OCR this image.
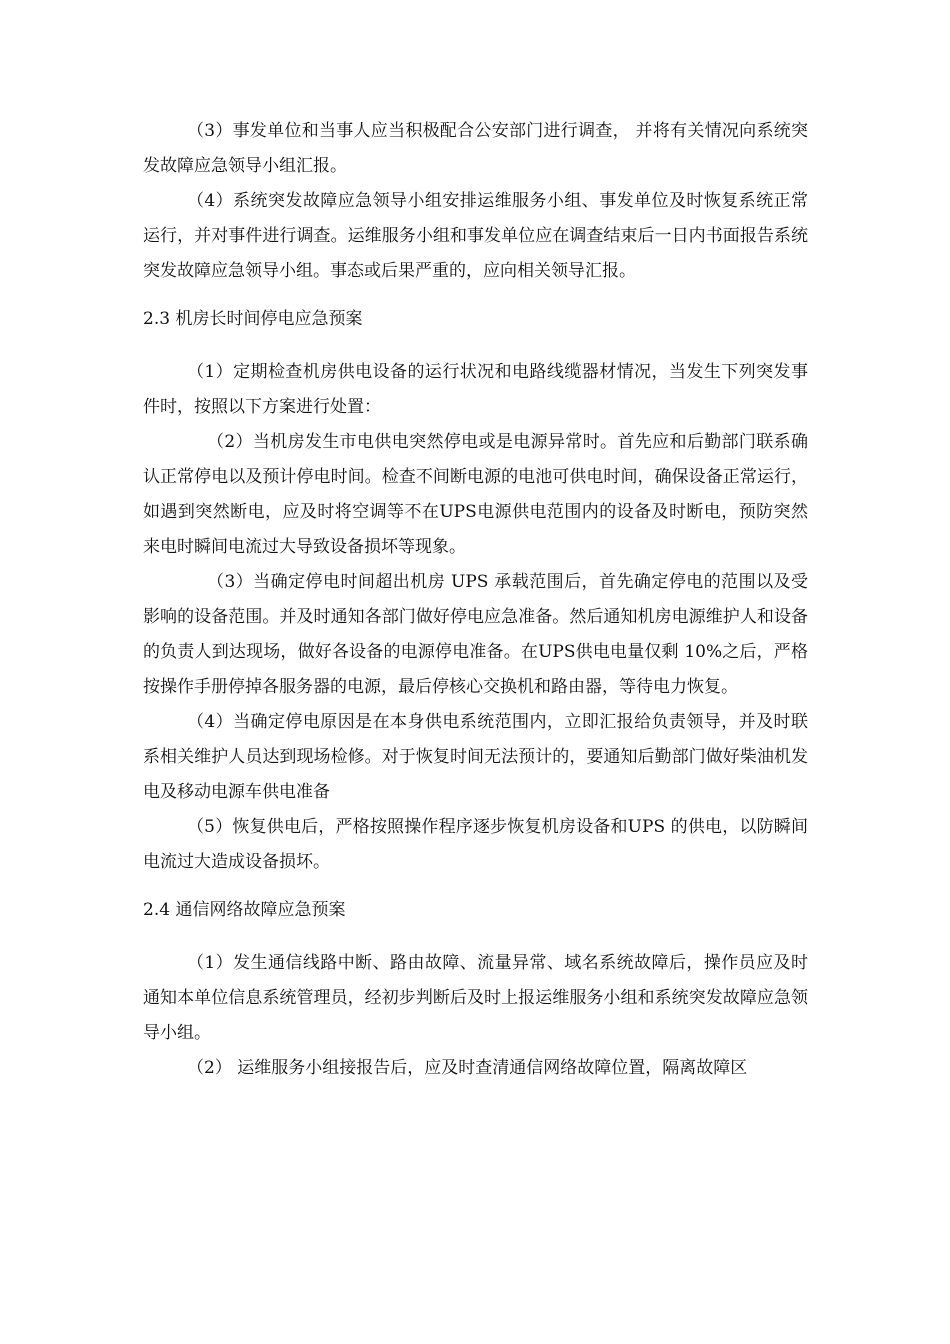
（3）事发单位和当事人应当积极配合公安部门进行调查， 并将有关情况向系统突发故障应急领导小组汇报。

（4）系统突发故障应急领导小组安排运维服务小组、事发单位及时恢复系统正常运行，并对事件进行调查。运维服务小组和事发单位应在调查结束后一日内书面报告系统突发故障应急领导小组。事态或后果严重的，应向相关领导汇报。

2.3 机房长时间停电应急预案

（1）定期检查机房供电设备的运行状况和电路线缆器材情况，当发生下列突发事件时，按照以下方案进行处置：

（2）当机房发生市电供电突然停电或是电源异常时。首先应和后勤部门联系确认正常停电以及预计停电时间。检查不间断电源的电池可供电时间，确保设备正常运行，如遇到突然断电，应及时将空调等不在UPS电源供电范围内的设备及时断电，预防突然来电时瞬间电流过大导致设备损坏等现象。

（3）当确定停电时间超出机房 UPS 承载范围后，首先确定停电的范围以及受影响的设备范围。并及时通知各部门做好停电应急准备。然后通知机房电源维护人和设备的负责人到达现场，做好各设备的电源停电准备。在UPS供电电量仅剩 10%之后，严格按操作手册停掉各服务器的电源，最后停核心交换机和路由器，等待电力恢复。

（4）当确定停电原因是在本身供电系统范围内，立即汇报给负责领导，并及时联系相关维护人员达到现场检修。对于恢复时间无法预计的，要通知后勤部门做好柴油机发电及移动电源车供电准备

（5）恢复供电后，严格按照操作程序逐步恢复机房设备和UPS 的供电，以防瞬间电流过大造成设备损坏。

2.4 通信网络故障应急预案

（1）发生通信线路中断、路由故障、流量异常、域名系统故障后，操作员应及时通知本单位信息系统管理员，经初步判断后及时上报运维服务小组和系统突发故障应急领导小组。

（2） 运维服务小组接报告后，应及时查清通信网络故障位置，隔离故障区
